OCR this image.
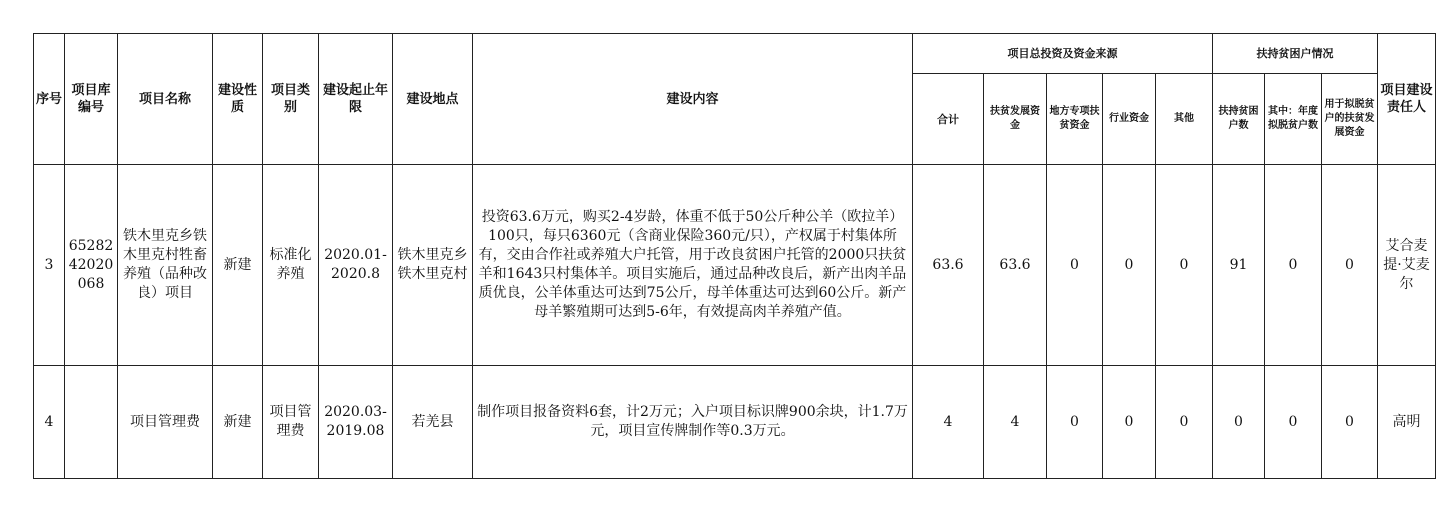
序号	项目库编号	项目名称	建设性质	项目类别	建设起止年限	建设地点	建设内容	项目总投资及资金来源					扶持贫困户情况			项目建设责任人
								合计	扶贫发展资金	地方专项扶贫资金	行业资金	其他	扶持贫困户数	其中：年度拟脱贫户数	用于拟脱贫户的扶贫发展资金	
3	6528242020068	铁木里克乡铁木里克村牲畜养殖（品种改良）项目	新建	标准化养殖	2020.01-2020.8	铁木里克乡铁木里克村	投资63.6万元，购买2-4岁龄，体重不低于50公斤种公羊（欧拉羊）100只，每只6360元（含商业保险360元/只），产权属于村集体所有，交由合作社或养殖大户托管，用于改良贫困户托管的2000只扶贫羊和1643只村集体羊。项目实施后，通过品种改良后，新产出肉羊品质优良，公羊体重达可达到75公斤，母羊体重达可达到60公斤。新产母羊繁殖期可达到5-6年，有效提高肉羊养殖产值。	63.6	63.6	0	0	0	91	0	0	艾合麦提·艾麦尔
4		项目管理费	新建	项目管理费	2020.03-2019.08	若羌县	制作项目报备资料6套，计2万元；入户项目标识牌900余块，计1.7万元，项目宣传牌制作等0.3万元。	4	4	0	0	0	0	0	0	高明
